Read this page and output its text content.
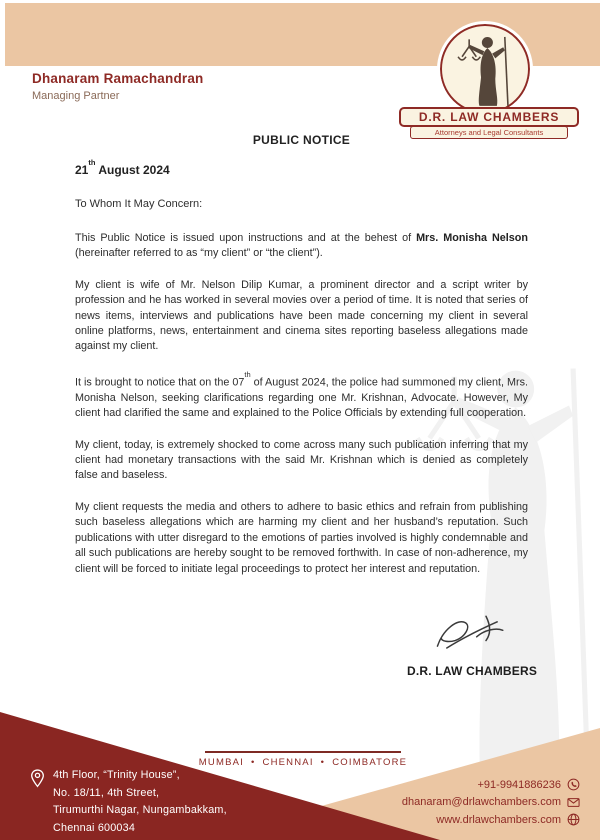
Dhanaram Ramachandran
Managing Partner
D.R. LAW CHAMBERS
Attorneys and Legal Consultants
PUBLIC NOTICE
21th August 2024
To Whom It May Concern:

This Public Notice is issued upon instructions and at the behest of Mrs. Monisha Nelson (hereinafter referred to as “my client” or “the client”).

My client is wife of Mr. Nelson Dilip Kumar, a prominent director and a script writer by profession and he has worked in several movies over a period of time. It is noted that series of news items, interviews and publications have been made concerning my client in several online platforms, news, entertainment and cinema sites reporting baseless allegations made against my client.

It is brought to notice that on the 07th of August 2024, the police had summoned my client, Mrs. Monisha Nelson, seeking clarifications regarding one Mr. Krishnan, Advocate. However, My client had clarified the same and explained to the Police Officials by extending full cooperation.

My client, today, is extremely shocked to come across many such publication inferring that my client had monetary transactions with the said Mr. Krishnan which is denied as completely false and baseless.

My client requests the media and others to adhere to basic ethics and refrain from publishing such baseless allegations which are harming my client and her husband’s reputation. Such publications with utter disregard to the emotions of parties involved is highly condemnable and all such publications are hereby sought to be removed forthwith. In case of non-adherence, my client will be forced to initiate legal proceedings to protect her interest and reputation.

D.R. LAW CHAMBERS
MUMBAI • CHENNAI • COIMBATORE
4th Floor, “Trinity House”,
No. 18/11, 4th Street,
Tirumurthi Nagar, Nungambakkam,
Chennai 600034
+91-9941886236
dhanaram@drlawchambers.com
www.drlawchambers.com
